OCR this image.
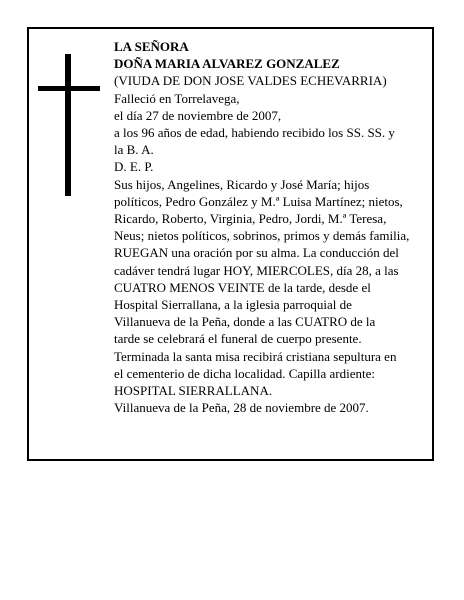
LA SEÑORA
DOÑA MARIA ALVAREZ GONZALEZ
(VIUDA DE DON JOSE VALDES ECHEVARRIA)
Falleció en Torrelavega,
el día 27 de noviembre de 2007,
a los 96 años de edad, habiendo recibido los SS. SS. y
la B. A.
D. E. P.
Sus hijos, Angelines, Ricardo y José María; hijos
políticos, Pedro González y M.ª Luisa Martínez; nietos,
Ricardo, Roberto, Virginia, Pedro, Jordi, M.ª Teresa,
Neus; nietos políticos, sobrinos, primos y demás familia,
RUEGAN una oración por su alma. La conducción del
cadáver tendrá lugar HOY, MIERCOLES, día 28, a las
CUATRO MENOS VEINTE de la tarde, desde el
Hospital Sierrallana, a la iglesia parroquial de
Villanueva de la Peña, donde a las CUATRO de la
tarde se celebrará el funeral de cuerpo presente.
Terminada la santa misa recibirá cristiana sepultura en
el cementerio de dicha localidad. Capilla ardiente:
HOSPITAL SIERRALLANA.
Villanueva de la Peña, 28 de noviembre de 2007.
